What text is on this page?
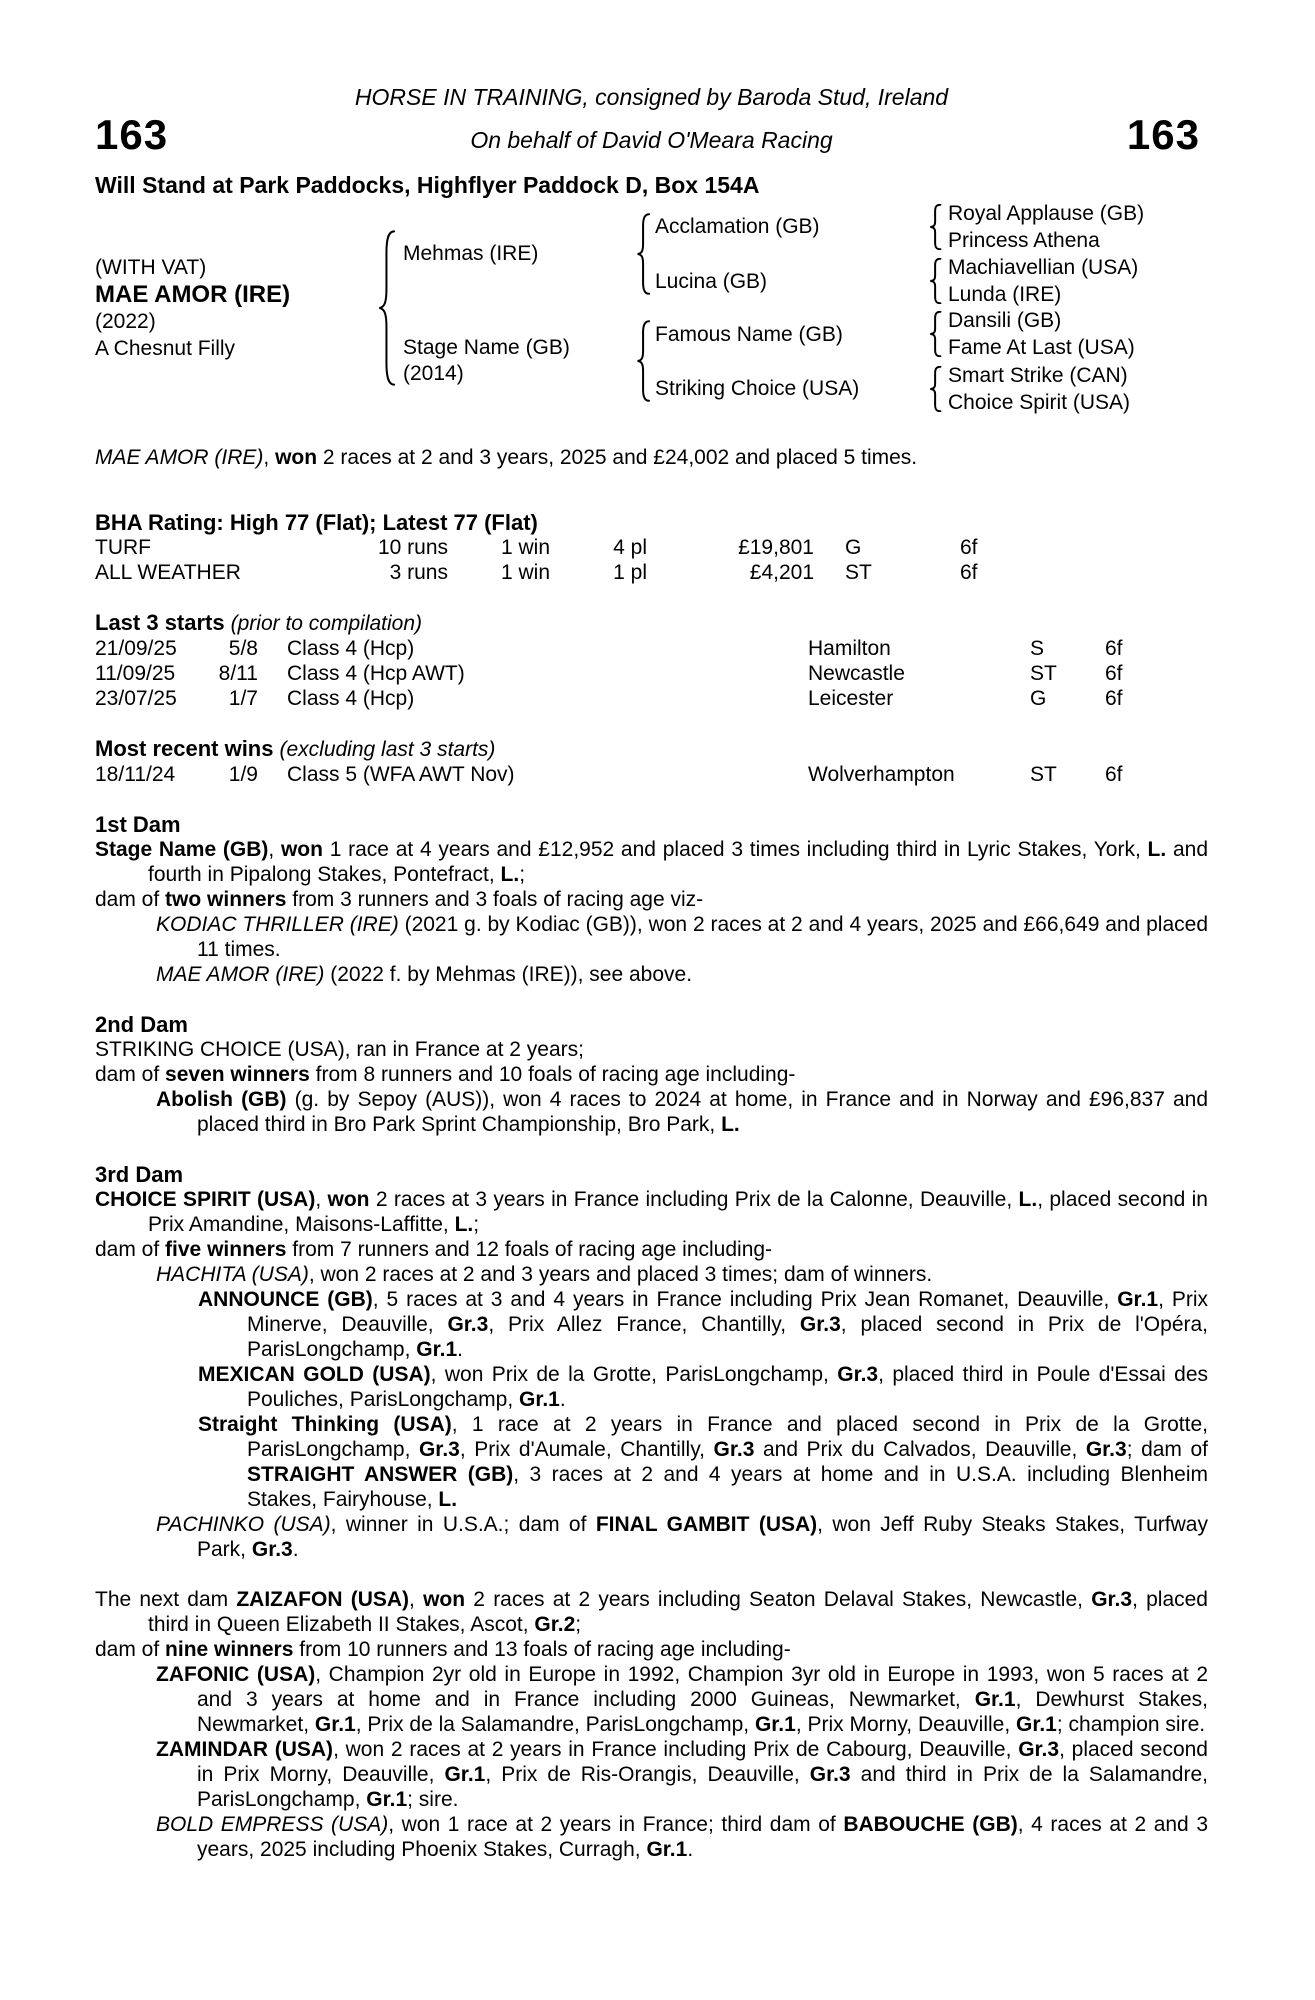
HORSE IN TRAINING, consigned by Baroda Stud, Ireland
163	On behalf of David O'Meara Racing	163
Will Stand at Park Paddocks, Highflyer Paddock D, Box 154A
(WITH VAT)
MAE AMOR (IRE)
(2022)
A Chesnut Filly
Mehmas (IRE)
Acclamation (GB)
Royal Applause (GB)
Princess Athena
Lucina (GB)
Machiavellian (USA)
Lunda (IRE)
Stage Name (GB)
(2014)
Famous Name (GB)
Dansili (GB)
Fame At Last (USA)
Striking Choice (USA)
Smart Strike (CAN)
Choice Spirit (USA)

MAE AMOR (IRE), won 2 races at 2 and 3 years, 2025 and £24,002 and placed 5 times.

BHA Rating: High 77 (Flat); Latest 77 (Flat)
TURF	10 runs	1 win	4 pl	£19,801 G	6f
ALL WEATHER	3 runs	1 win	1 pl	£4,201 ST	6f
Last 3 starts (prior to compilation)
21/09/25	5/8 Class 4 (Hcp)	Hamilton	S	6f
11/09/25	8/11 Class 4 (Hcp AWT)	Newcastle	ST	6f
23/07/25	1/7 Class 4 (Hcp)	Leicester	G	6f
Most recent wins (excluding last 3 starts)
18/11/24	1/9 Class 5 (WFA AWT Nov)	Wolverhampton	ST	6f
1st Dam

Stage Name (GB), won 1 race at 4 years and £12,952 and placed 3 times including third in Lyric Stakes, York, L. and fourth in Pipalong Stakes, Pontefract, L.;

dam of two winners from 3 runners and 3 foals of racing age viz-

KODIAC THRILLER (IRE) (2021 g. by Kodiac (GB)), won 2 races at 2 and 4 years, 2025 and £66,649 and placed 11 times.

MAE AMOR (IRE) (2022 f. by Mehmas (IRE)), see above.

2nd Dam

STRIKING CHOICE (USA), ran in France at 2 years;

dam of seven winners from 8 runners and 10 foals of racing age including-

Abolish (GB) (g. by Sepoy (AUS)), won 4 races to 2024 at home, in France and in Norway and £96,837 and placed third in Bro Park Sprint Championship, Bro Park, L.

3rd Dam

CHOICE SPIRIT (USA), won 2 races at 3 years in France including Prix de la Calonne, Deauville, L., placed second in Prix Amandine, Maisons-Laffitte, L.;

dam of five winners from 7 runners and 12 foals of racing age including-

HACHITA (USA), won 2 races at 2 and 3 years and placed 3 times; dam of winners.

ANNOUNCE (GB), 5 races at 3 and 4 years in France including Prix Jean Romanet, Deauville, Gr.1, Prix Minerve, Deauville, Gr.3, Prix Allez France, Chantilly, Gr.3, placed second in Prix de l'Opéra, ParisLongchamp, Gr.1.

MEXICAN GOLD (USA), won Prix de la Grotte, ParisLongchamp, Gr.3, placed third in Poule d'Essai des Pouliches, ParisLongchamp, Gr.1.

Straight Thinking (USA), 1 race at 2 years in France and placed second in Prix de la Grotte, ParisLongchamp, Gr.3, Prix d'Aumale, Chantilly, Gr.3 and Prix du Calvados, Deauville, Gr.3; dam of STRAIGHT ANSWER (GB), 3 races at 2 and 4 years at home and in U.S.A. including Blenheim Stakes, Fairyhouse, L.

PACHINKO (USA), winner in U.S.A.; dam of FINAL GAMBIT (USA), won Jeff Ruby Steaks Stakes, Turfway Park, Gr.3.

The next dam ZAIZAFON (USA), won 2 races at 2 years including Seaton Delaval Stakes, Newcastle, Gr.3, placed third in Queen Elizabeth II Stakes, Ascot, Gr.2;

dam of nine winners from 10 runners and 13 foals of racing age including-

ZAFONIC (USA), Champion 2yr old in Europe in 1992, Champion 3yr old in Europe in 1993, won 5 races at 2 and 3 years at home and in France including 2000 Guineas, Newmarket, Gr.1, Dewhurst Stakes, Newmarket, Gr.1, Prix de la Salamandre, ParisLongchamp, Gr.1, Prix Morny, Deauville, Gr.1; champion sire.

ZAMINDAR (USA), won 2 races at 2 years in France including Prix de Cabourg, Deauville, Gr.3, placed second in Prix Morny, Deauville, Gr.1, Prix de Ris-Orangis, Deauville, Gr.3 and third in Prix de la Salamandre, ParisLongchamp, Gr.1; sire.

BOLD EMPRESS (USA), won 1 race at 2 years in France; third dam of BABOUCHE (GB), 4 races at 2 and 3 years, 2025 including Phoenix Stakes, Curragh, Gr.1.
